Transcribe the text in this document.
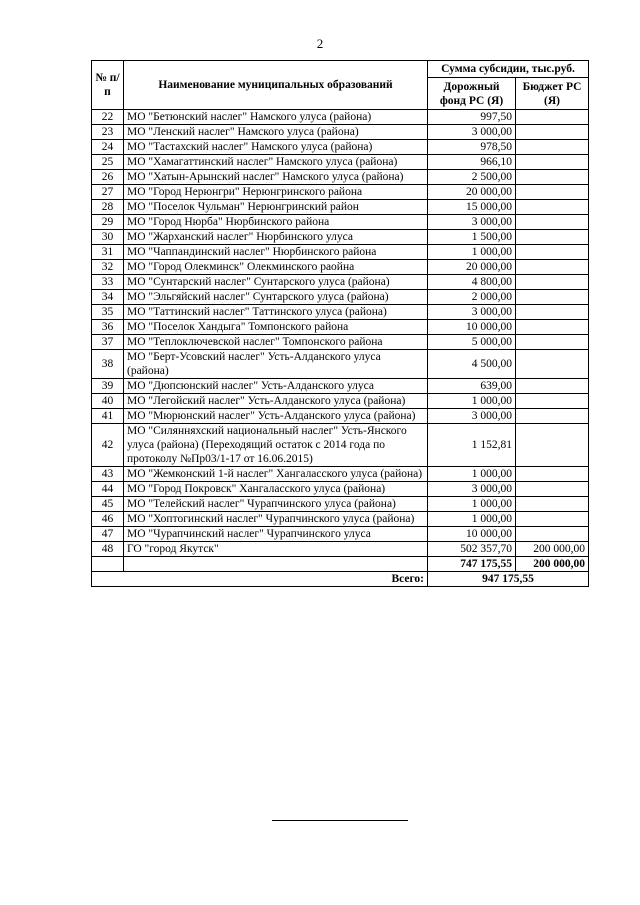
2
№ п/п	Наименование муниципальных образований	Сумма субсидии, тыс.руб.	
		Дорожный фонд РС (Я)	Бюджет РС (Я)
22	МО "Бетюнский наслег" Намского улуса (района)	997,50	
23	МО "Ленский наслег" Намского улуса (района)	3 000,00	
24	МО "Тастахский наслег" Намского улуса (района)	978,50	
25	МО "Хамагаттинский наслег" Намского улуса (района)	966,10	
26	МО "Хатын-Арынский наслег" Намского улуса (района)	2 500,00	
27	МО "Город Нерюнгри" Нерюнгринского района	20 000,00	
28	МО "Поселок Чульман" Нерюнгринский район	15 000,00	
29	МО "Город Нюрба" Нюрбинского района	3 000,00	
30	МО "Жарханский наслег" Нюрбинского улуса	1 500,00	
31	МО "Чаппандинский наслег" Нюрбинского района	1 000,00	
32	МО "Город Олекминск" Олекминского раойна	20 000,00	
33	МО "Сунтарский наслег" Сунтарского улуса (района)	4 800,00	
34	МО "Эльгяйский наслег" Сунтарского улуса (района)	2 000,00	
35	МО "Таттинский наслег" Таттинского улуса (района)	3 000,00	
36	МО "Поселок Хандыга" Томпонского района	10 000,00	
37	МО "Теплоключевской наслег" Томпонского района	5 000,00	
38	МО "Берт-Усовский наслег" Усть-Алданского улуса (района)	4 500,00	
39	МО "Дюпсюнский наслег" Усть-Алданского улуса	639,00	
40	МО "Легойский наслег" Усть-Алданского улуса (района)	1 000,00	
41	МО "Мюрюнский наслег" Усть-Алданского улуса (района)	3 000,00	
42	МО "Силянняхский национальный наслег" Усть-Янского улуса (района) (Переходящий остаток с 2014 года по протоколу №Пр03/1-17 от 16.06.2015)	1 152,81	
43	МО "Жемконский 1-й наслег" Хангаласского улуса (района)	1 000,00	
44	МО "Город Покровск" Хангаласского улуса (района)	3 000,00	
45	МО "Телейский наслег" Чурапчинского улуса (района)	1 000,00	
46	МО "Хоптогинский наслег" Чурапчинского улуса (района)	1 000,00	
47	МО "Чурапчинский наслег" Чурапчинского улуса	10 000,00	
48	ГО "город Якутск"	502 357,70	200 000,00
		747 175,55	200 000,00
Всего:		947 175,55	
